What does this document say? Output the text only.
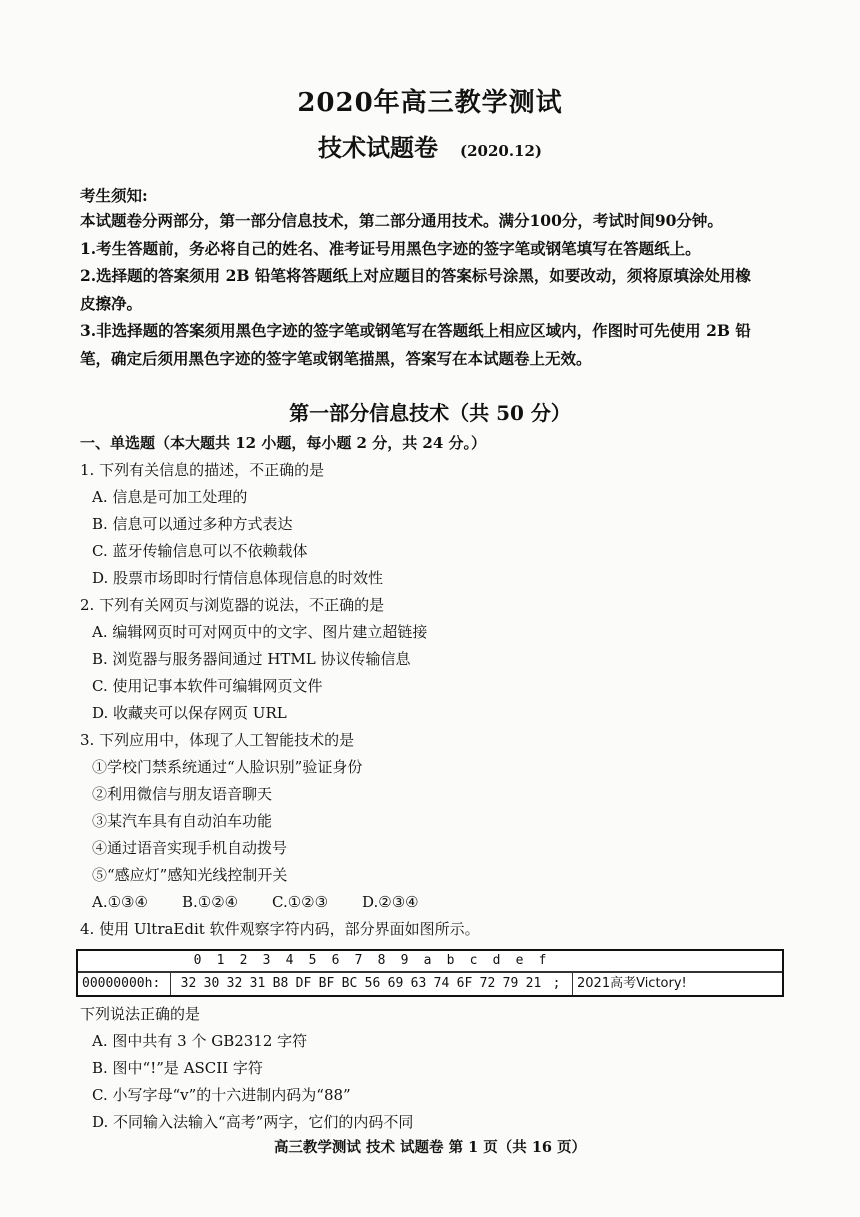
2020年高三教学测试
技术试题卷 (2020.12)
考生须知:

本试题卷分两部分，第一部分信息技术，第二部分通用技术。满分100分，考试时间90分钟。

1.考生答题前，务必将自己的姓名、准考证号用黑色字迹的签字笔或钢笔填写在答题纸上。

2.选择题的答案须用 2B 铅笔将答题纸上对应题目的答案标号涂黑，如要改动，须将原填涂处用橡

皮擦净。

3.非选择题的答案须用黑色字迹的签字笔或钢笔写在答题纸上相应区域内，作图时可先使用 2B 铅

笔，确定后须用黑色字迹的签字笔或钢笔描黑，答案写在本试题卷上无效。

第一部分信息技术（共 50 分）
一、单选题（本大题共 12 小题，每小题 2 分，共 24 分。）
1. 下列有关信息的描述，不正确的是
A. 信息是可加工处理的
B. 信息可以通过多种方式表达
C. 蓝牙传输信息可以不依赖载体
D. 股票市场即时行情信息体现信息的时效性
2. 下列有关网页与浏览器的说法，不正确的是
A. 编辑网页时可对网页中的文字、图片建立超链接
B. 浏览器与服务器间通过 HTML 协议传输信息
C. 使用记事本软件可编辑网页文件
D. 收藏夹可以保存网页 URL
3. 下列应用中，体现了人工智能技术的是
①学校门禁系统通过“人脸识别”验证身份
②利用微信与朋友语音聊天
③某汽车具有自动泊车功能
④通过语音实现手机自动拨号
⑤“感应灯”感知光线控制开关
A.①③④ B.①②④ C.①②③ D.②③④
4. 使用 UltraEdit 软件观察字符内码，部分界面如图所示。
0 1 2 3 4 5 6 7 8 9 a b c d e f
00000000h: 32 30 32 31 B8 DF BF BC 56 69 63 74 6F 72 79 21 ; 2021高考Victory!
下列说法正确的是
A. 图中共有 3 个 GB2312 字符
B. 图中“!”是 ASCII 字符
C. 小写字母“v”的十六进制内码为“88”
D. 不同输入法输入“高考”两字，它们的内码不同
高三教学测试 技术 试题卷 第 1 页（共 16 页）
